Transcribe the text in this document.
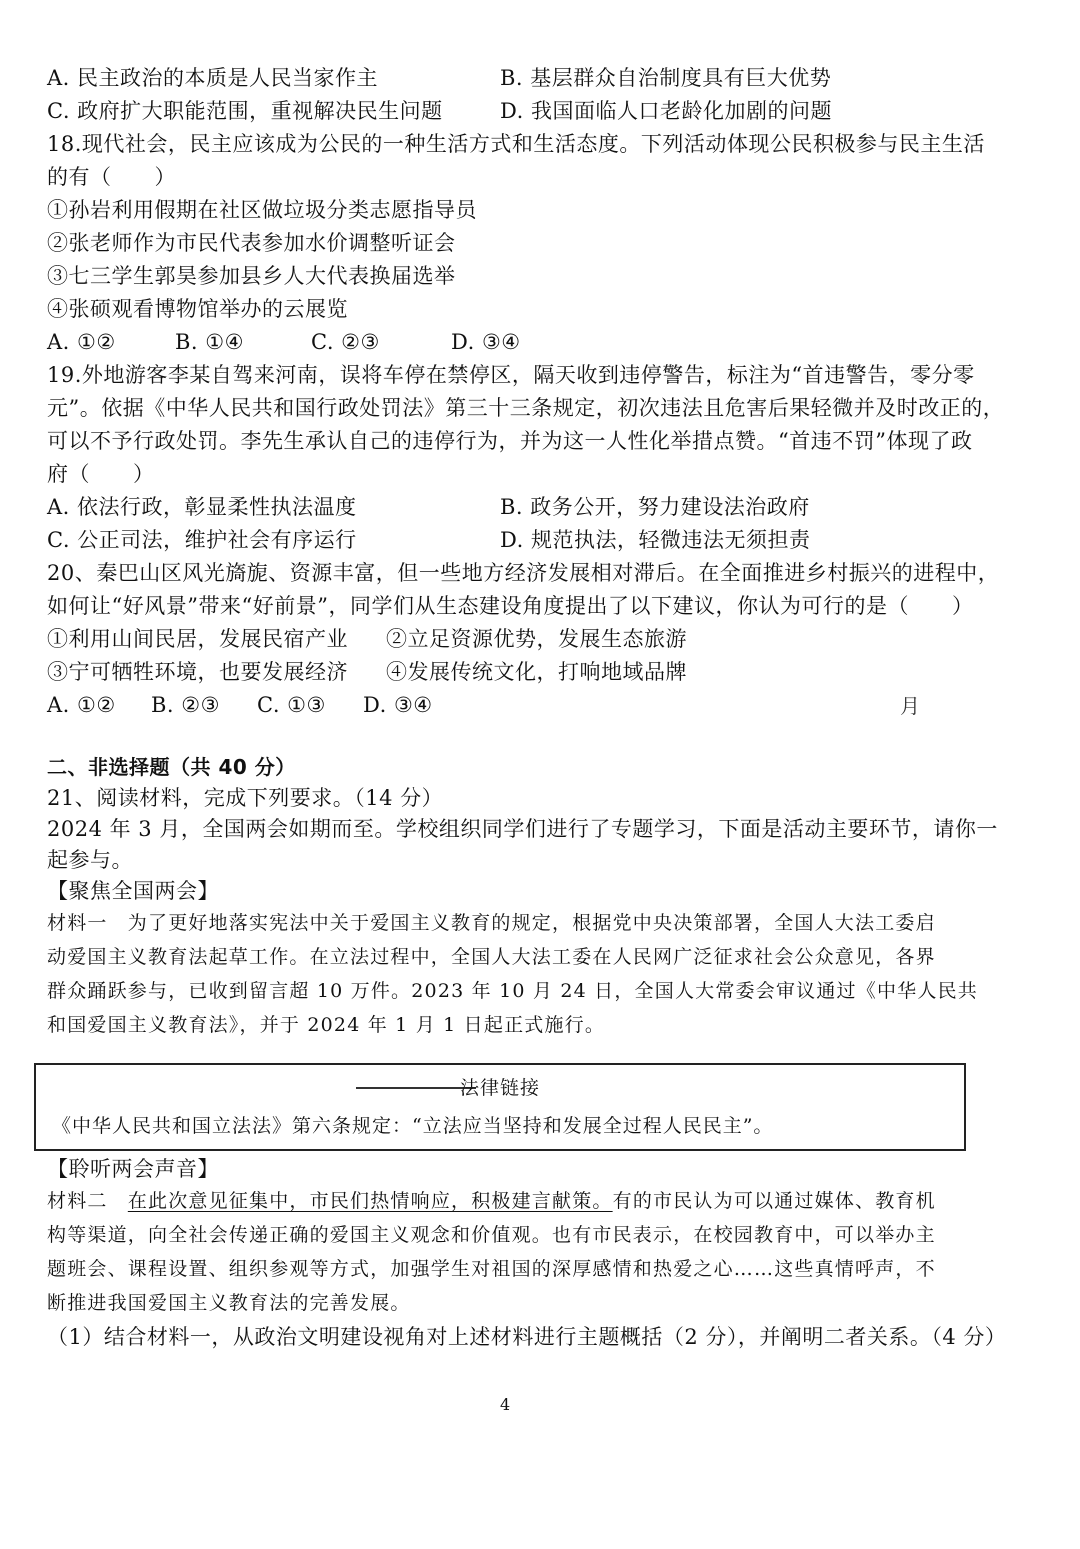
A. 民主政治的本质是人民当家作主	B. 基层群众自治制度具有巨大优势
C. 政府扩大职能范围，重视解决民生问题	D. 我国面临人口老龄化加剧的问题
18.现代社会，民主应该成为公民的一种生活方式和生活态度。下列活动体现公民积极参与民主生活
的有（　　）
①孙岩利用假期在社区做垃圾分类志愿指导员
②张老师作为市民代表参加水价调整听证会
③七三学生郭昊参加县乡人大代表换届选举
④张硕观看博物馆举办的云展览
A. ①②	B. ①④	C. ②③	D. ③④
19.外地游客李某自驾来河南，误将车停在禁停区，隔天收到违停警告，标注为“首违警告，零分零
元”。依据《中华人民共和国行政处罚法》第三十三条规定，初次违法且危害后果轻微并及时改正的，
可以不予行政处罚。李先生承认自己的违停行为，并为这一人性化举措点赞。“首违不罚”体现了政
府（　　）
A. 依法行政，彰显柔性执法温度	B. 政务公开，努力建设法治政府
C. 公正司法，维护社会有序运行	D. 规范执法，轻微违法无须担责
20、秦巴山区风光旖旎、资源丰富，但一些地方经济发展相对滞后。在全面推进乡村振兴的进程中，
如何让“好风景”带来“好前景”，同学们从生态建设角度提出了以下建议，你认为可行的是（　　）
①利用山间民居，发展民宿产业 ②立足资源优势，发展生态旅游
③宁可牺牲环境，也要发展经济 ④发展传统文化，打响地域品牌
A. ①② B. ②③ C. ①③ D. ③④	月
二、非选择题（共 40 分）
21、阅读材料，完成下列要求。（14 分）
2024 年 3 月，全国两会如期而至。学校组织同学们进行了专题学习，下面是活动主要环节，请你一
起参与。
【聚焦全国两会】
材料一　为了更好地落实宪法中关于爱国主义教育的规定，根据党中央决策部署，全国人大法工委启
动爱国主义教育法起草工作。在立法过程中，全国人大法工委在人民网广泛征求社会公众意见，各界
群众踊跃参与，已收到留言超 10 万件。2023 年 10 月 24 日，全国人大常委会审议通过《中华人民共
和国爱国主义教育法》，并于 2024 年 1 月 1 日起正式施行。
法律链接
《中华人民共和国立法法》第六条规定：“立法应当坚持和发展全过程人民民主”。
【聆听两会声音】
材料二　 在此次意见征集中，市民们热情响应，积极建言献策。有的市民认为可以通过媒体、教育机
构等渠道，向全社会传递正确的爱国主义观念和价值观。也有市民表示，在校园教育中，可以举办主
题班会、课程设置、组织参观等方式，加强学生对祖国的深厚感情和热爱之心……这些真情呼声，不
断推进我国爱国主义教育法的完善发展。
（1）结合材料一，从政治文明建设视角对上述材料进行主题概括（2 分），并阐明二者关系。（4 分）
4
